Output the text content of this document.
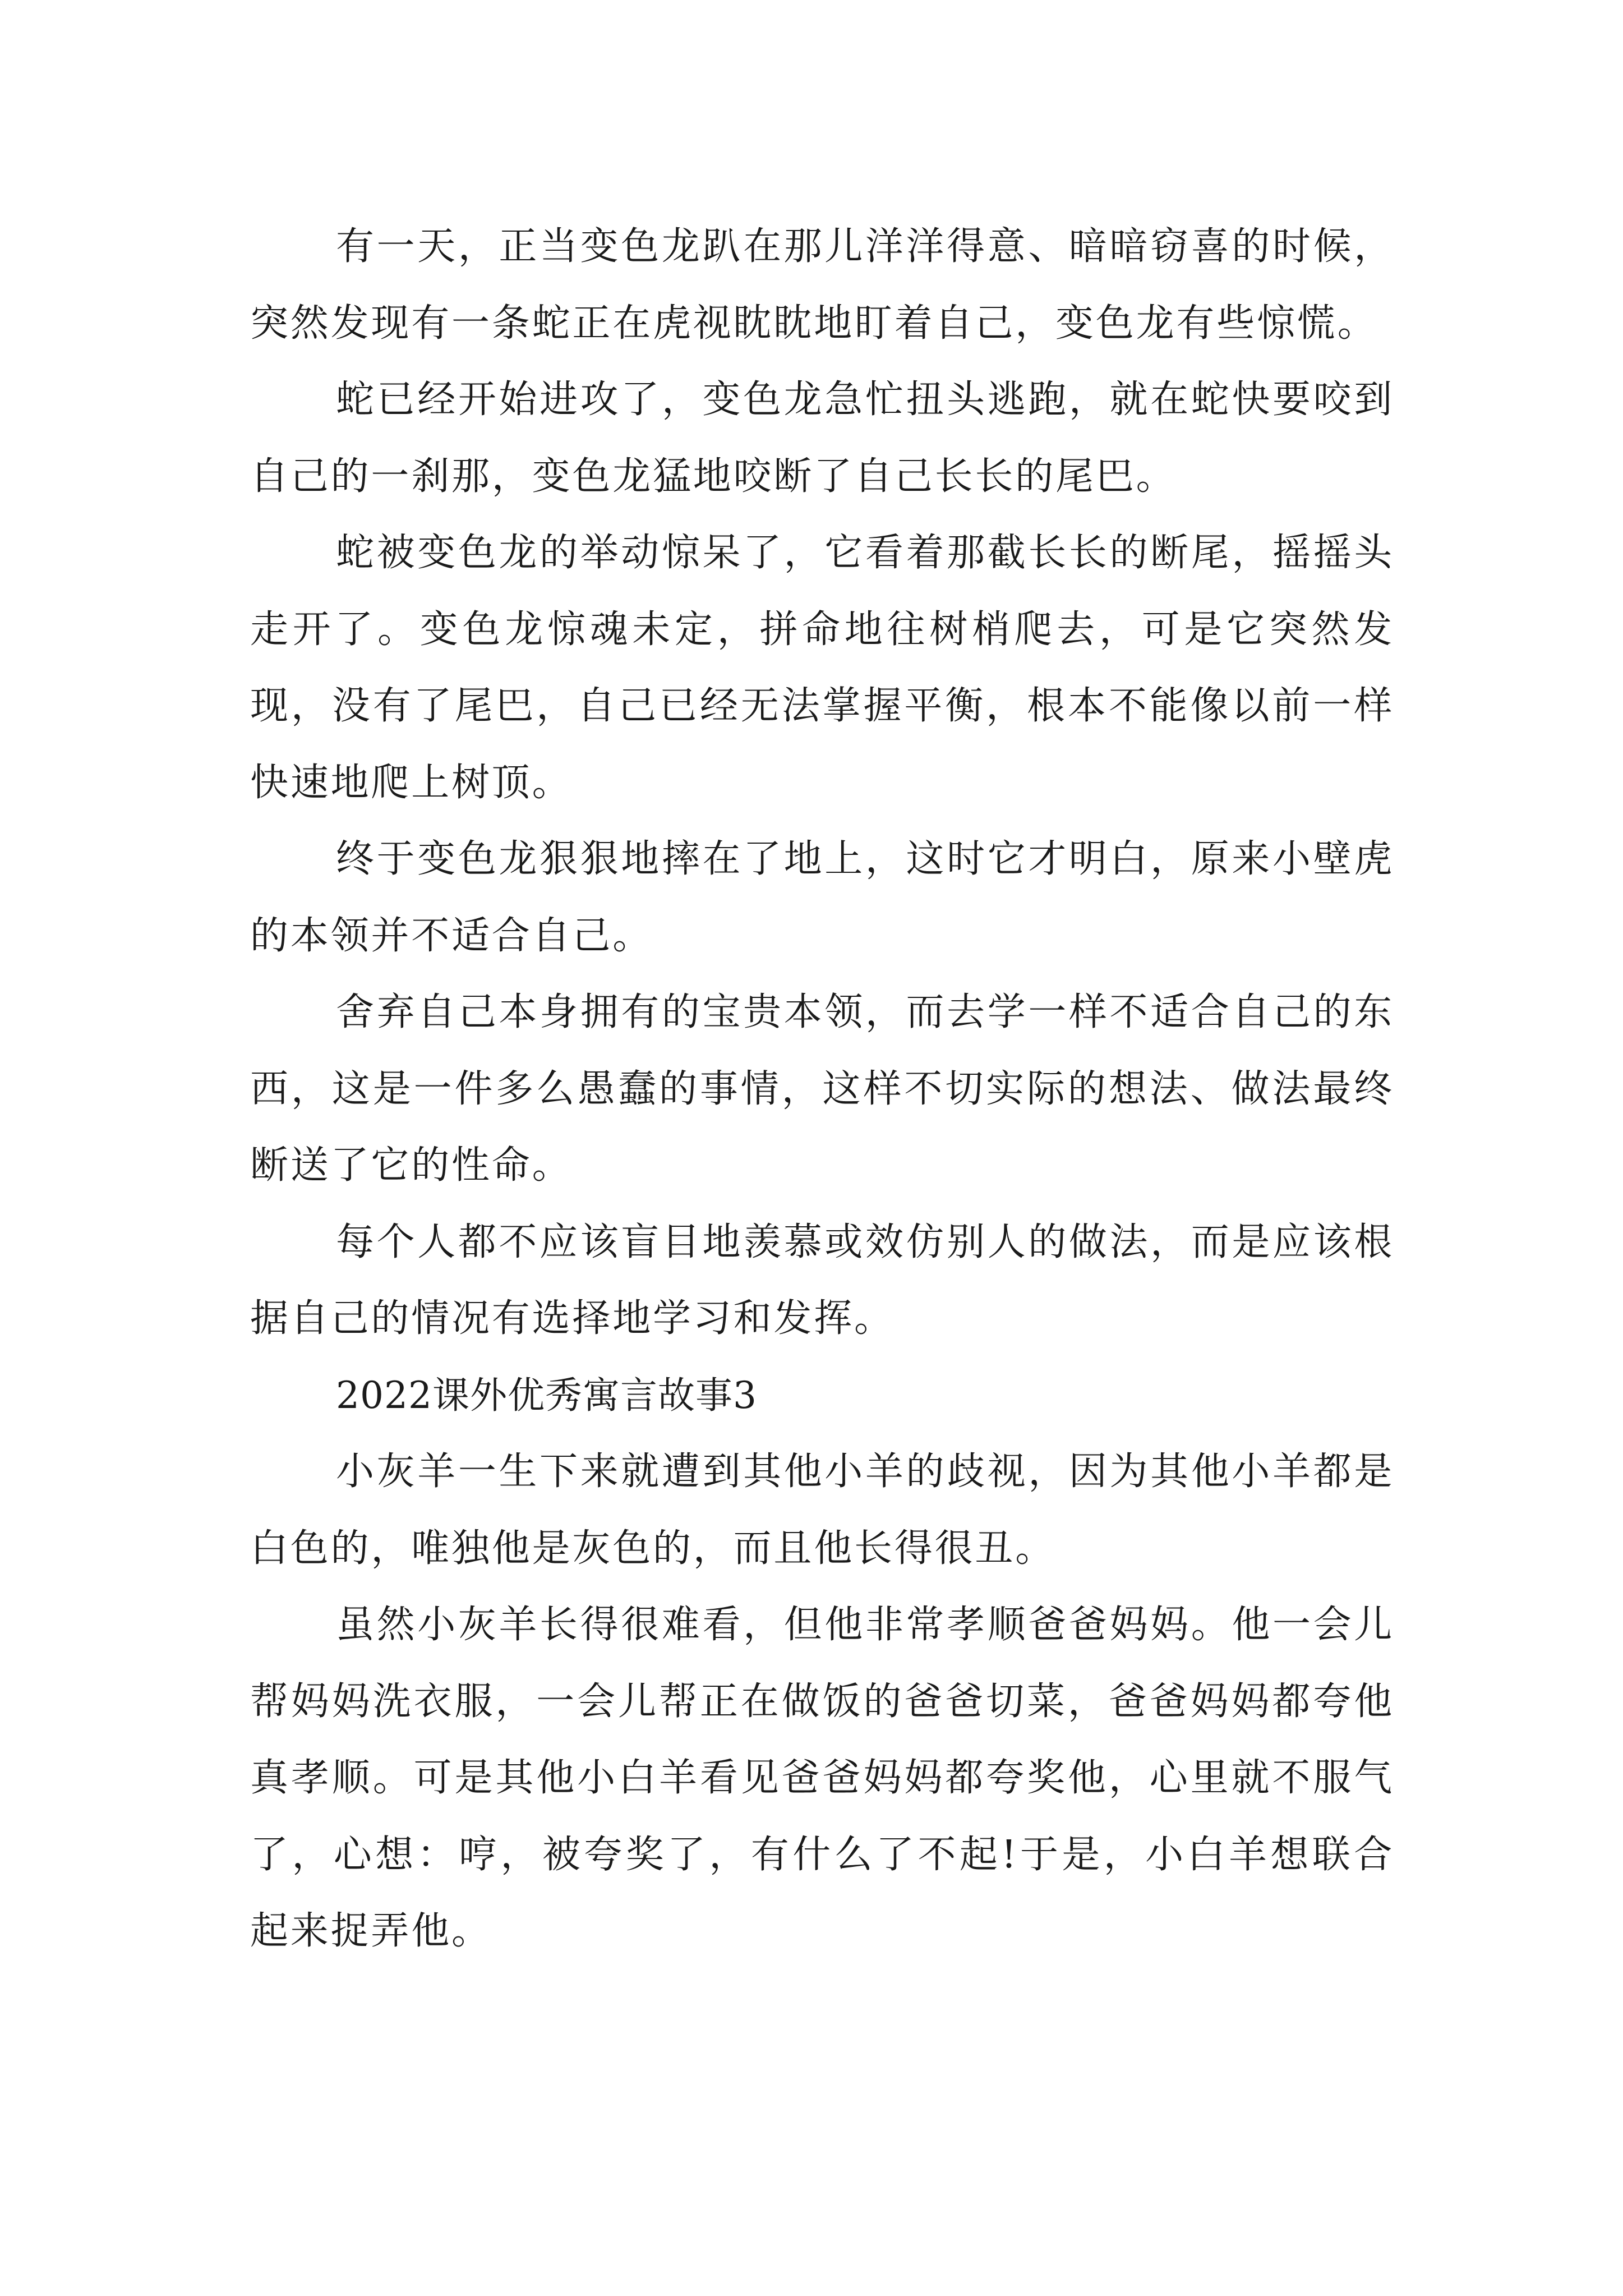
有一天，正当变色龙趴在那儿洋洋得意、暗暗窃喜的时候，突然发现有一条蛇正在虎视眈眈地盯着自己，变色龙有些惊慌。

蛇已经开始进攻了，变色龙急忙扭头逃跑，就在蛇快要咬到自己的一刹那，变色龙猛地咬断了自己长长的尾巴。

蛇被变色龙的举动惊呆了，它看着那截长长的断尾，摇摇头走开了。变色龙惊魂未定，拼命地往树梢爬去，可是它突然发现，没有了尾巴，自己已经无法掌握平衡，根本不能像以前一样快速地爬上树顶。

终于变色龙狠狠地摔在了地上，这时它才明白，原来小壁虎的本领并不适合自己。

舍弃自己本身拥有的宝贵本领，而去学一样不适合自己的东西，这是一件多么愚蠢的事情，这样不切实际的想法、做法最终断送了它的性命。

每个人都不应该盲目地羡慕或效仿别人的做法，而是应该根据自己的情况有选择地学习和发挥。

2022课外优秀寓言故事3

小灰羊一生下来就遭到其他小羊的歧视，因为其他小羊都是白色的，唯独他是灰色的，而且他长得很丑。

虽然小灰羊长得很难看，但他非常孝顺爸爸妈妈。他一会儿帮妈妈洗衣服，一会儿帮正在做饭的爸爸切菜，爸爸妈妈都夸他真孝顺。可是其他小白羊看见爸爸妈妈都夸奖他，心里就不服气了，心想：哼，被夸奖了，有什么了不起!于是，小白羊想联合起来捉弄他。
